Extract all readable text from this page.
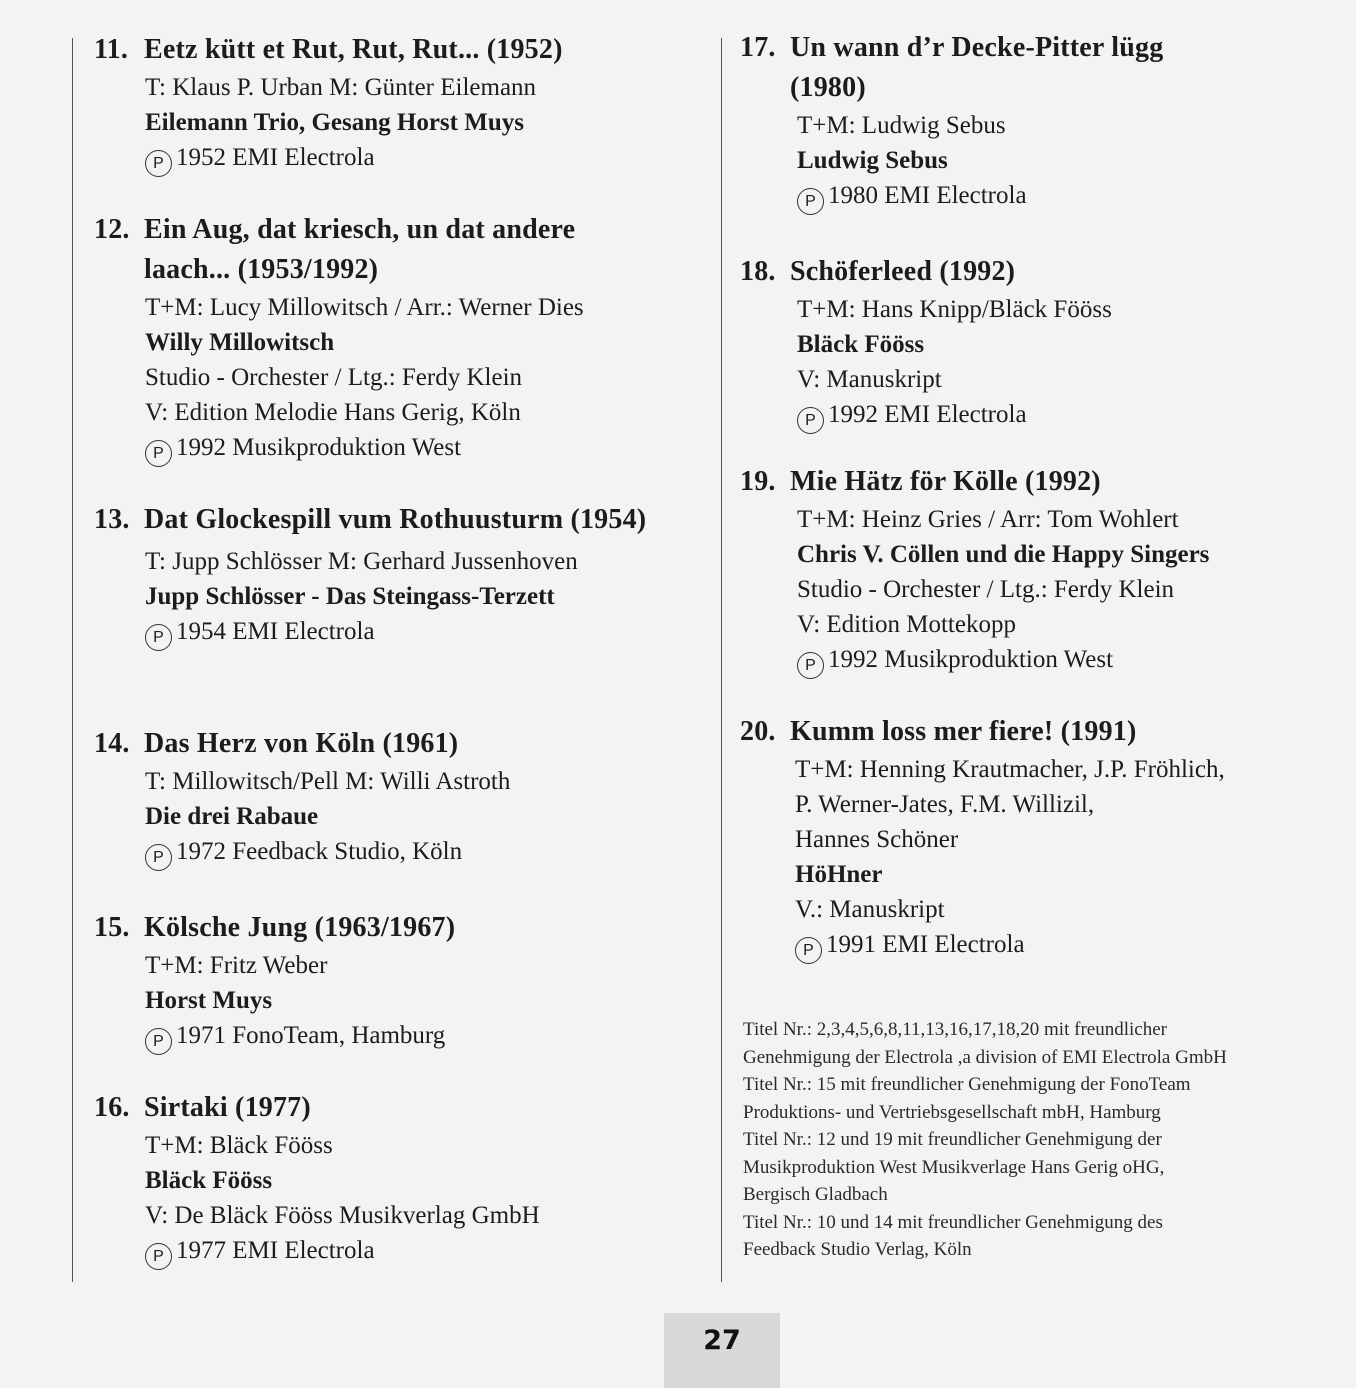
11. Eetz kütt et Rut, Rut, Rut... (1952)
T: Klaus P. Urban M: Günter Eilemann
Eilemann Trio, Gesang Horst Muys
P 1952 EMI Electrola
12. Ein Aug, dat kriesch, un dat andere laach... (1953/1992)
T+M: Lucy Millowitsch / Arr.: Werner Dies
Willy Millowitsch
Studio - Orchester / Ltg.: Ferdy Klein
V: Edition Melodie Hans Gerig, Köln
P 1992 Musikproduktion West
13. Dat Glockespill vum Rothuusturm (1954)
T: Jupp Schlösser M: Gerhard Jussenhoven
Jupp Schlösser - Das Steingass-Terzett
P 1954 EMI Electrola
14. Das Herz von Köln (1961)
T: Millowitsch/Pell M: Willi Astroth
Die drei Rabaue
P 1972 Feedback Studio, Köln
15. Kölsche Jung (1963/1967)
T+M: Fritz Weber
Horst Muys
P 1971 FonoTeam, Hamburg
16. Sirtaki (1977)
T+M: Bläck Fööss
Bläck Fööss
V: De Bläck Fööss Musikverlag GmbH
P 1977 EMI Electrola
17. Un wann d’r Decke-Pitter lügg (1980)
T+M: Ludwig Sebus
Ludwig Sebus
P 1980 EMI Electrola
18. Schöferleed (1992)
T+M: Hans Knipp/Bläck Fööss
Bläck Fööss
V: Manuskript
P 1992 EMI Electrola
19. Mie Hätz för Kölle (1992)
T+M: Heinz Gries / Arr: Tom Wohlert
Chris V. Cöllen und die Happy Singers
Studio - Orchester / Ltg.: Ferdy Klein
V: Edition Mottekopp
P 1992 Musikproduktion West
20. Kumm loss mer fiere! (1991)
T+M: Henning Krautmacher, J.P. Fröhlich,
P. Werner-Jates, F.M. Willizil,
Hannes Schöner
HöHner
V.: Manuskript
P 1991 EMI Electrola
Titel Nr.: 2,3,4,5,6,8,11,13,16,17,18,20 mit freundlicher
Genehmigung der Electrola ,a division of EMI Electrola GmbH
Titel Nr.: 15 mit freundlicher Genehmigung der FonoTeam
Produktions- und Vertriebsgesellschaft mbH, Hamburg
Titel Nr.: 12 und 19 mit freundlicher Genehmigung der
Musikproduktion West Musikverlage Hans Gerig oHG,
Bergisch Gladbach
Titel Nr.: 10 und 14 mit freundlicher Genehmigung des
Feedback Studio Verlag, Köln
27
